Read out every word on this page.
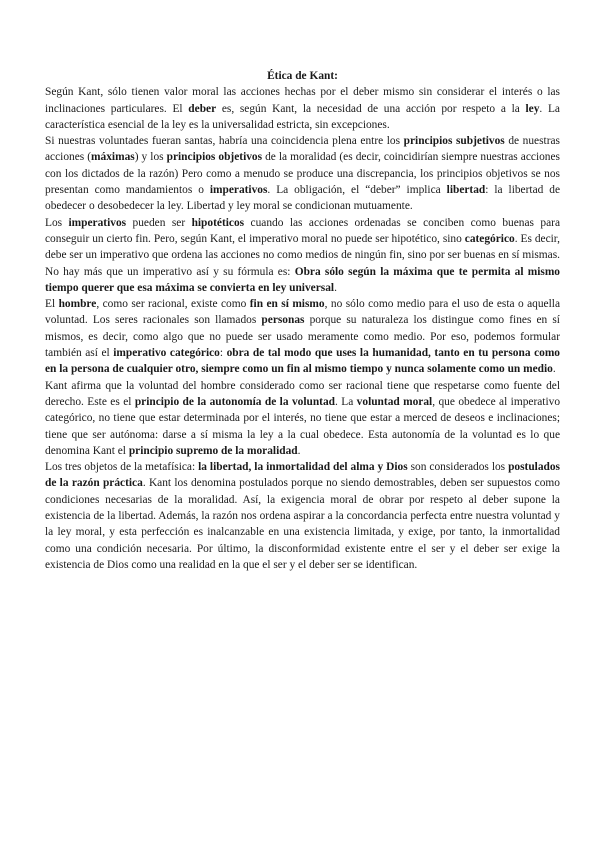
Ética de Kant:

Según Kant, sólo tienen valor moral las acciones hechas por el deber mismo sin considerar el interés o las inclinaciones particulares. El deber es, según Kant, la necesidad de una acción por respeto a la ley. La característica esencial de la ley es la universalidad estricta, sin excepciones.

Si nuestras voluntades fueran santas, habría una coincidencia plena entre los principios subjetivos de nuestras acciones (máximas) y los principios objetivos de la moralidad (es decir, coincidirían siempre nuestras acciones con los dictados de la razón) Pero como a menudo se produce una discrepancia, los principios objetivos se nos presentan como mandamientos o imperativos. La obligación, el “deber” implica libertad: la libertad de obedecer o desobedecer la ley. Libertad y ley moral se condicionan mutuamente.

Los imperativos pueden ser hipotéticos cuando las acciones ordenadas se conciben como buenas para conseguir un cierto fin. Pero, según Kant, el imperativo moral no puede ser hipotético, sino categórico. Es decir, debe ser un imperativo que ordena las acciones no como medios de ningún fin, sino por ser buenas en sí mismas. No hay más que un imperativo así y su fórmula es: Obra sólo según la máxima que te permita al mismo tiempo querer que esa máxima se convierta en ley universal.

El hombre, como ser racional, existe como fin en sí mismo, no sólo como medio para el uso de esta o aquella voluntad. Los seres racionales son llamados personas porque su naturaleza los distingue como fines en sí mismos, es decir, como algo que no puede ser usado meramente como medio. Por eso, podemos formular también así el imperativo categórico: obra de tal modo que uses la humanidad, tanto en tu persona como en la persona de cualquier otro, siempre como un fin al mismo tiempo y nunca solamente como un medio.

Kant afirma que la voluntad del hombre considerado como ser racional tiene que respetarse como fuente del derecho. Este es el principio de la autonomía de la voluntad. La voluntad moral, que obedece al imperativo categórico, no tiene que estar determinada por el interés, no tiene que estar a merced de deseos e inclinaciones; tiene que ser autónoma: darse a sí misma la ley a la cual obedece. Esta autonomía de la voluntad es lo que denomina Kant el principio supremo de la moralidad.

Los tres objetos de la metafísica: la libertad, la inmortalidad del alma y Dios son considerados los postulados de la razón práctica. Kant los denomina postulados porque no siendo demostrables, deben ser supuestos como condiciones necesarias de la moralidad. Así, la exigencia moral de obrar por respeto al deber supone la existencia de la libertad. Además, la razón nos ordena aspirar a la concordancia perfecta entre nuestra voluntad y la ley moral, y esta perfección es inalcanzable en una existencia limitada, y exige, por tanto, la inmortalidad como una condición necesaria. Por último, la disconformidad existente entre el ser y el deber ser exige la existencia de Dios como una realidad en la que el ser y el deber ser se identifican.
